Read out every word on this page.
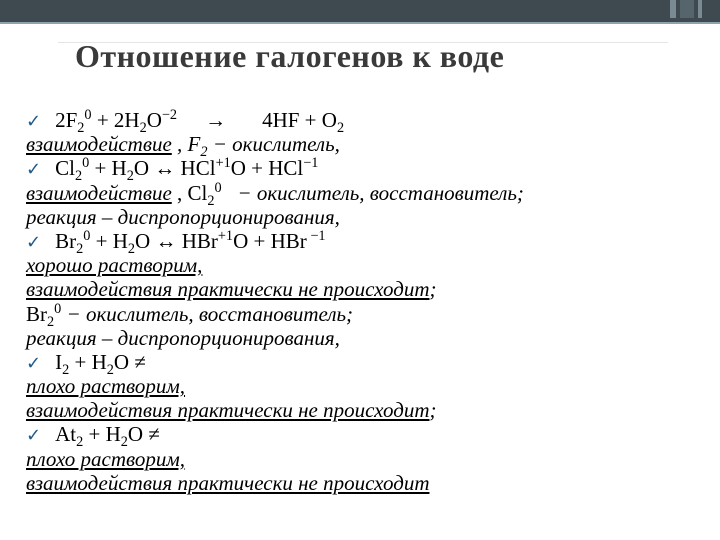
Отношение галогенов к воде
✓ $2F_2^0 + 2H_2O^{-2} \to 4HF + O_2$
взаимодействие , $F_2$ − окислитель,
✓ $Cl_2^0 + H_2O$ ↔ HCl$^{+1}$O + HCl$^{-1}$
взаимодействие , $Cl_2^0$   − окислитель, восстановитель;
реакция – диспропорционирования,
✓ $Br_2^0 + H_2O$ ↔ HBr$^{+1}$O + HBr $^{-1}$
хорошо растворим,
взаимодействия практически не происходит;
$Br_2^0$ − окислитель, восстановитель;
реакция – диспропорционирования,
✓ $I_2 + H_2O$ ≠
плохо растворим,
взаимодействия практически не происходит;
✓ $At_2 + H_2O$ ≠
плохо растворим,
взаимодействия практически не происходит
